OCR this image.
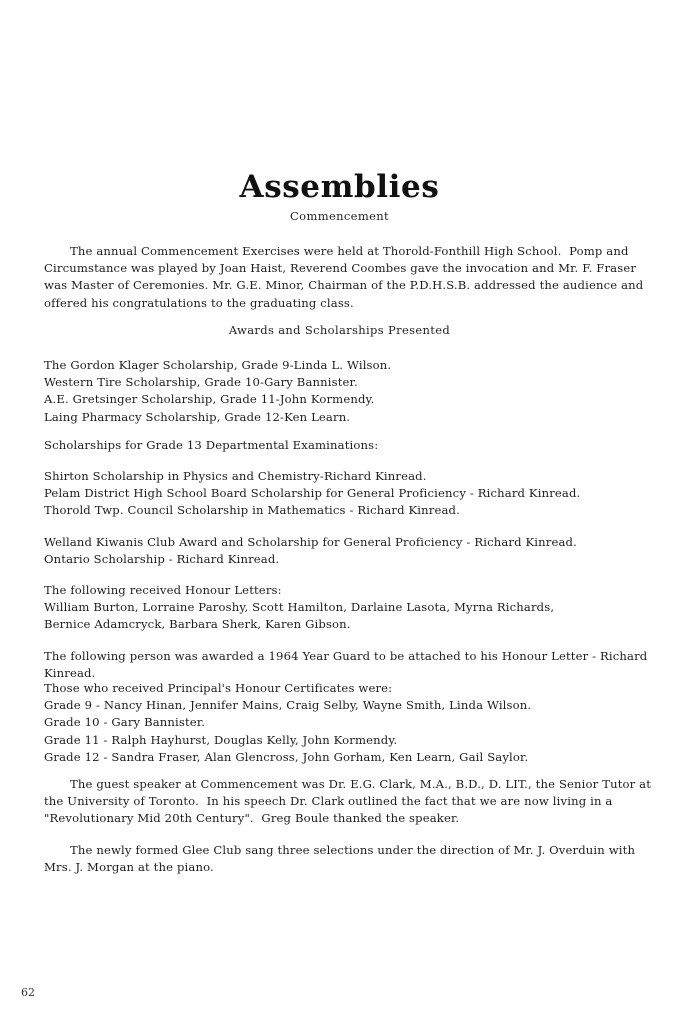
Assemblies
Commencement

The annual Commencement Exercises were held at Thorold-Fonthill High School.  Pomp and Circumstance was played by Joan Haist, Reverend Coombes gave the invocation and Mr. F. Fraser was Master of Ceremonies. Mr. G.E. Minor, Chairman of the P.D.H.S.B. addressed the audience and offered his congratulations to the graduating class.

Awards and Scholarships Presented
The Gordon Klager Scholarship, Grade 9-Linda L. Wilson.
Western Tire Scholarship, Grade 10-Gary Bannister.
A.E. Gretsinger Scholarship, Grade 11-John Kormendy.
Laing Pharmacy Scholarship, Grade 12-Ken Learn.
Scholarships for Grade 13 Departmental Examinations:
Shirton Scholarship in Physics and Chemistry-Richard Kinread.
Pelam District High School Board Scholarship for General Proficiency - Richard Kinread.
Thorold Twp. Council Scholarship in Mathematics - Richard Kinread.
Welland Kiwanis Club Award and Scholarship for General Proficiency - Richard Kinread.
Ontario Scholarship - Richard Kinread.
The following received Honour Letters:
William Burton, Lorraine Paroshy, Scott Hamilton, Darlaine Lasota, Myrna Richards,
Bernice Adamcryck, Barbara Sherk, Karen Gibson.
The following person was awarded a 1964 Year Guard to be attached to his Honour Letter - Richard Kinread.
Those who received Principal's Honour Certificates were:
Grade 9 - Nancy Hinan, Jennifer Mains, Craig Selby, Wayne Smith, Linda Wilson.
Grade 10 - Gary Bannister.
Grade 11 - Ralph Hayhurst, Douglas Kelly, John Kormendy.
Grade 12 - Sandra Fraser, Alan Glencross, John Gorham, Ken Learn, Gail Saylor.

The guest speaker at Commencement was Dr. E.G. Clark, M.A., B.D., D. LIT., the Senior Tutor at the University of Toronto.  In his speech Dr. Clark outlined the fact that we are now living in a "Revolutionary Mid 20th Century".  Greg Boule thanked the speaker.

The newly formed Glee Club sang three selections under the direction of Mr. J. Overduin with Mrs. J. Morgan at the piano.

62
